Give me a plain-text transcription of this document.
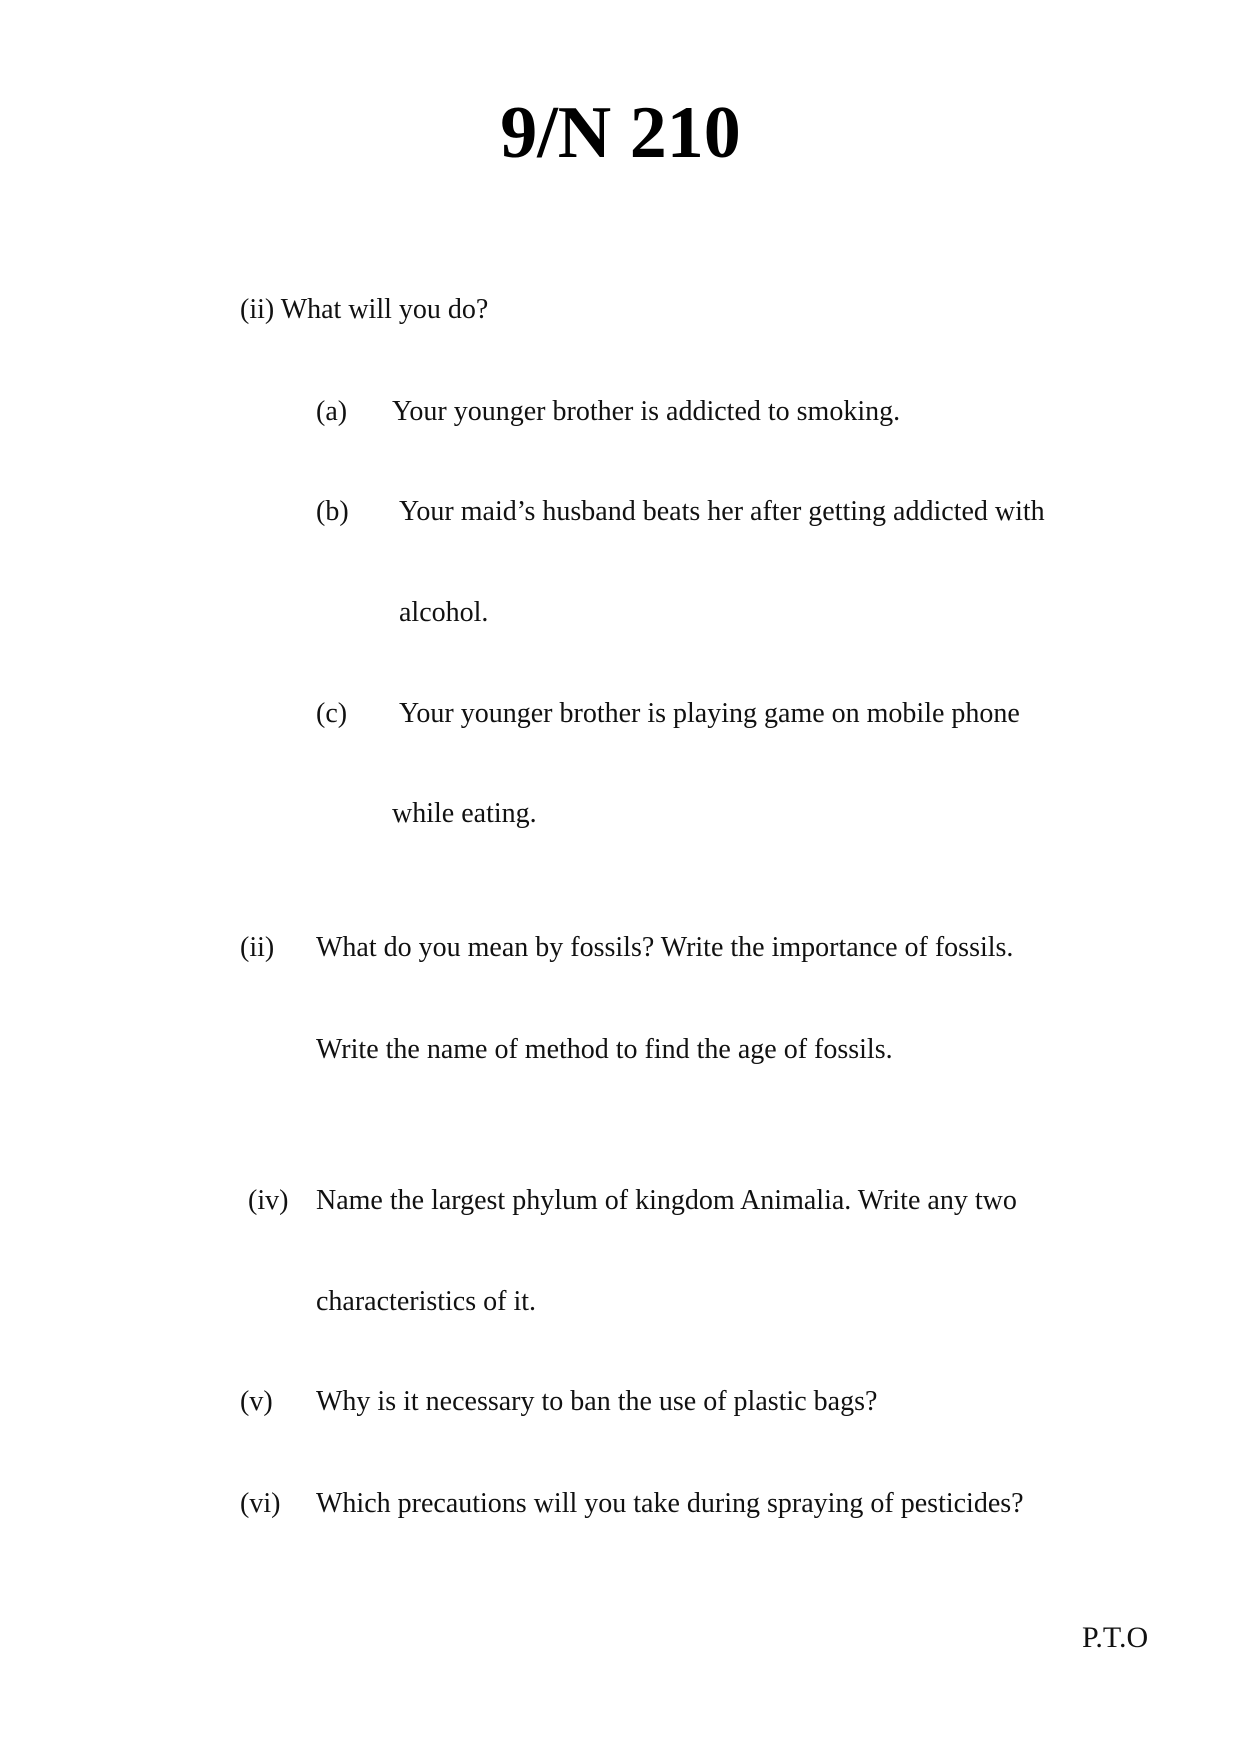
9/N 210
(ii) What will you do?
(a) Your younger brother is addicted to smoking.
(b) Your maid’s husband beats her after getting addicted with
alcohol.
(c) Your younger brother is playing game on mobile phone
while eating.
(ii) What do you mean by fossils? Write the importance of fossils.
Write the name of method to find the age of fossils.
(iv) Name the largest phylum of kingdom Animalia. Write any two
characteristics of it.
(v) Why is it necessary to ban the use of plastic bags?
(vi) Which precautions will you take during spraying of pesticides?
P.T.O
